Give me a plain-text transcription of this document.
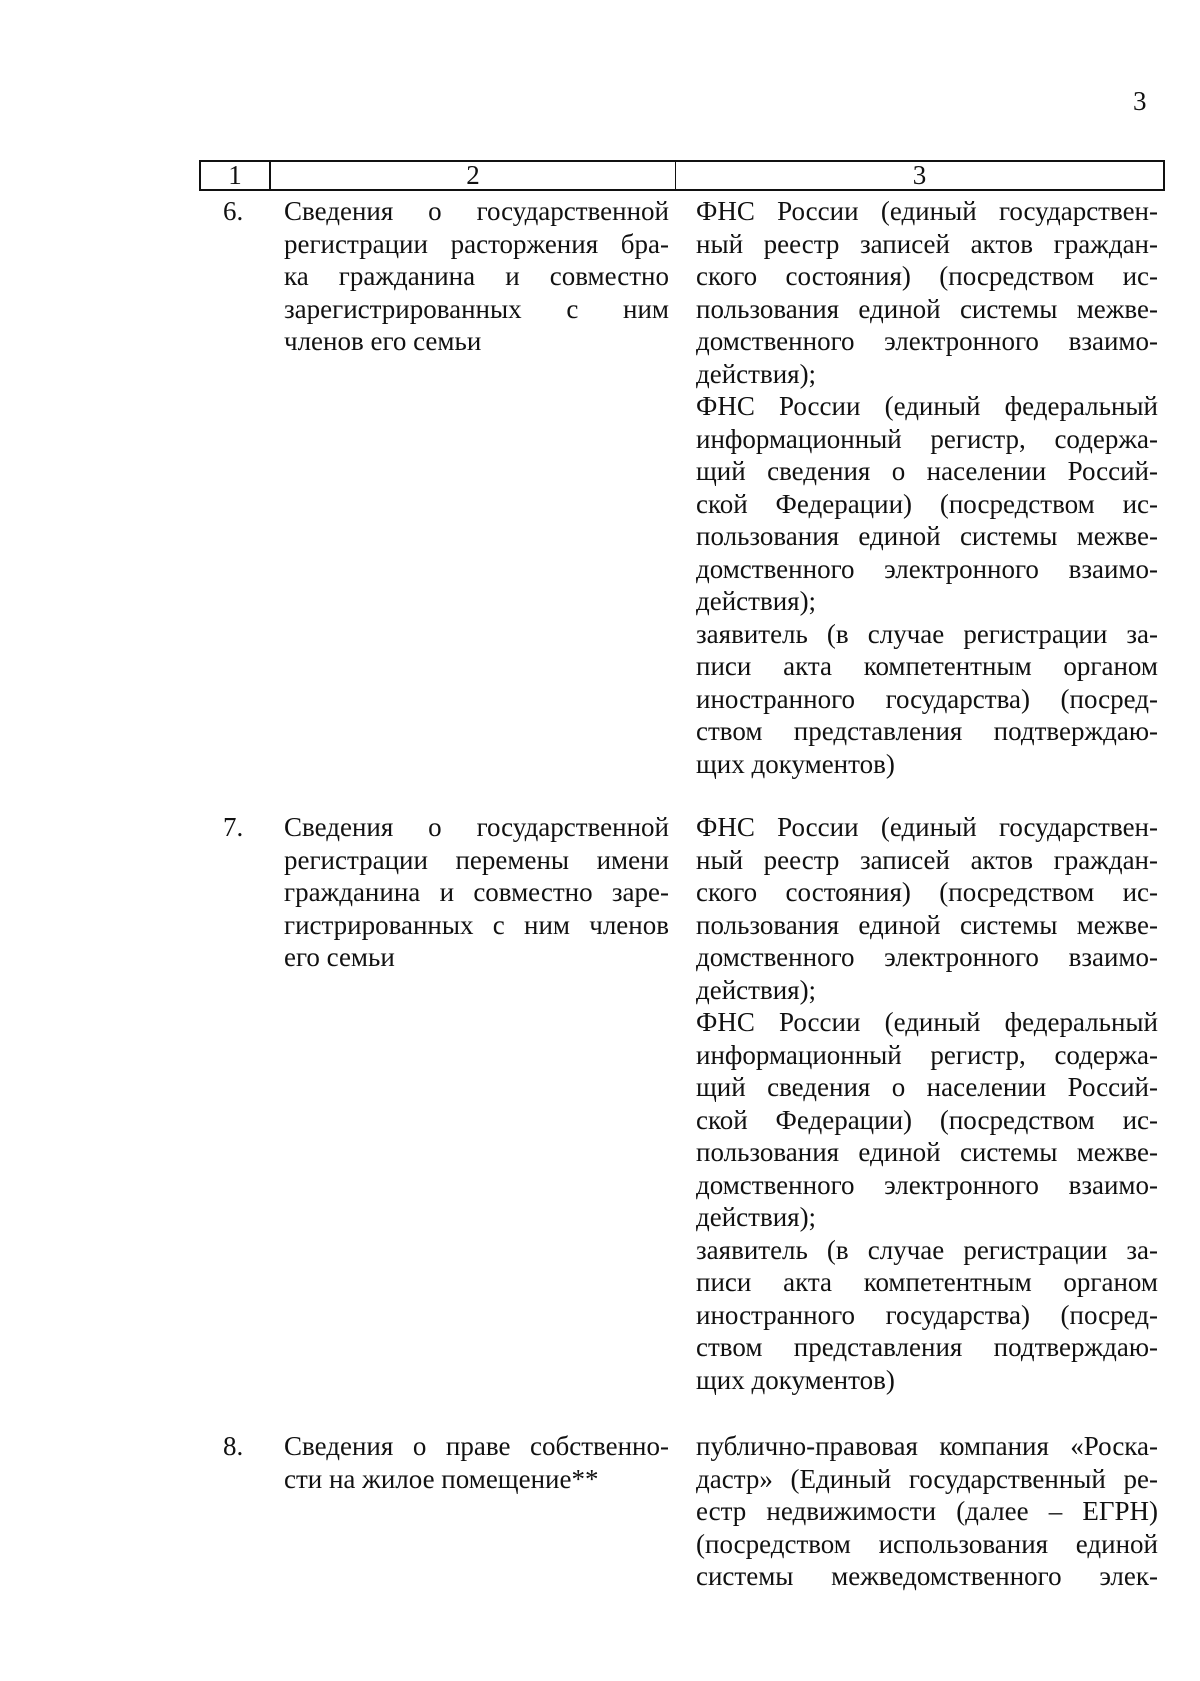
3
1	2	3
6. Сведения о государственной
регистрации расторжения бра-
ка гражданина и совместно
зарегистрированных с ним
членов его семьи
ФНС России (единый государствен-
ный реестр записей актов граждан-
ского состояния) (посредством ис-
пользования единой системы межве-
домственного электронного взаимо-
действия);
ФНС России (единый федеральный
информационный регистр, содержа-
щий сведения о населении Россий-
ской Федерации) (посредством ис-
пользования единой системы межве-
домственного электронного взаимо-
действия);
заявитель (в случае регистрации за-
писи акта компетентным органом
иностранного государства) (посред-
ством представления подтверждаю-
щих документов)
7. Сведения о государственной
регистрации перемены имени
гражданина и совместно заре-
гистрированных с ним членов
его семьи
ФНС России (единый государствен-
ный реестр записей актов граждан-
ского состояния) (посредством ис-
пользования единой системы межве-
домственного электронного взаимо-
действия);
ФНС России (единый федеральный
информационный регистр, содержа-
щий сведения о населении Россий-
ской Федерации) (посредством ис-
пользования единой системы межве-
домственного электронного взаимо-
действия);
заявитель (в случае регистрации за-
писи акта компетентным органом
иностранного государства) (посред-
ством представления подтверждаю-
щих документов)
8. Сведения о праве собственно-
сти на жилое помещение**
публично-правовая компания «Роска-
дастр» (Единый государственный ре-
естр недвижимости (далее – ЕГРН)
(посредством использования единой
системы межведомственного элек-
